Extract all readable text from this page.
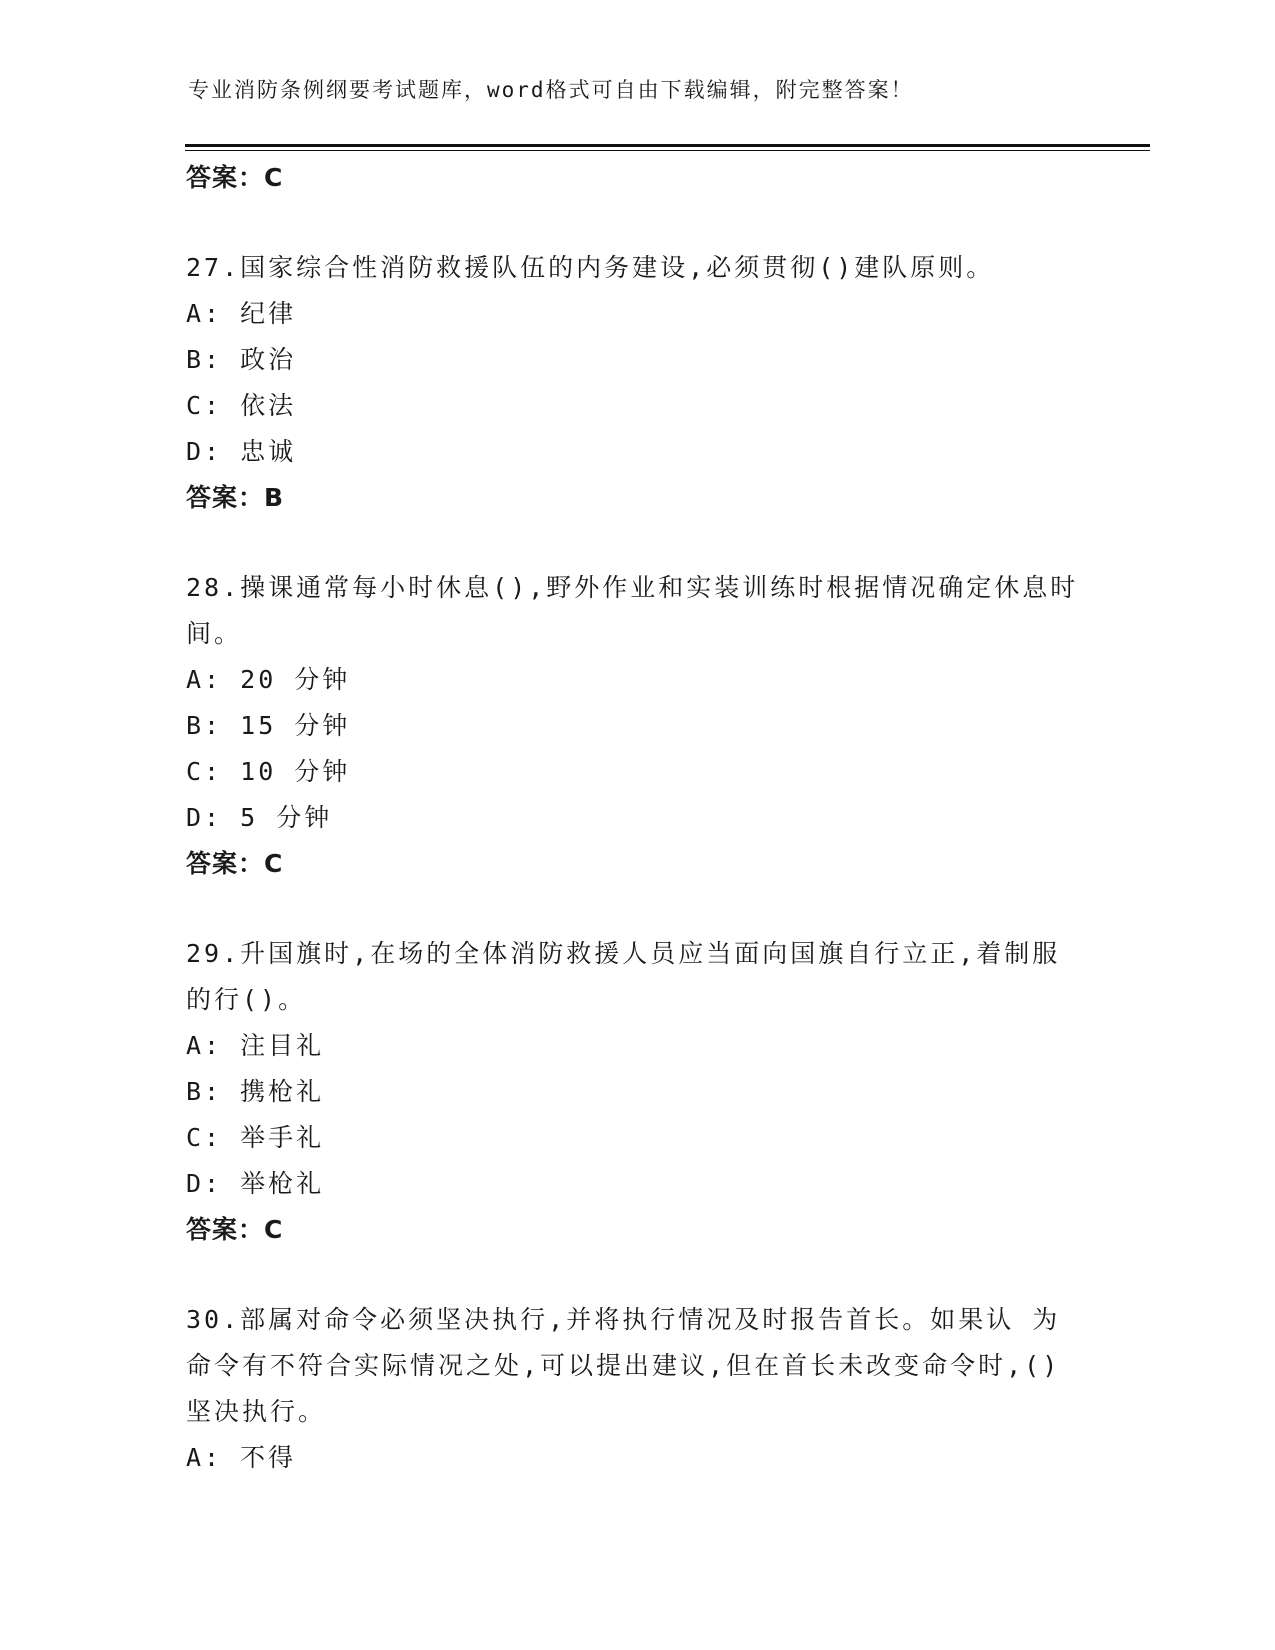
专业消防条例纲要考试题库，word格式可自由下载编辑，附完整答案！
答案：C
27.国家综合性消防救援队伍的内务建设,必须贯彻()建队原则。
A: 纪律
B: 政治
C: 依法
D: 忠诚
答案：B
28.操课通常每小时休息(),野外作业和实装训练时根据情况确定休息时间。
A: 20 分钟
B: 15 分钟
C: 10 分钟
D: 5 分钟
答案：C
29.升国旗时,在场的全体消防救援人员应当面向国旗自行立正,着制服的行()。
A: 注目礼
B: 携枪礼
C: 举手礼
D: 举枪礼
答案：C
30.部属对命令必须坚决执行,并将执行情况及时报告首长。如果认 为命令有不符合实际情况之处,可以提出建议,但在首长未改变命令时,()坚决执行。
A: 不得
